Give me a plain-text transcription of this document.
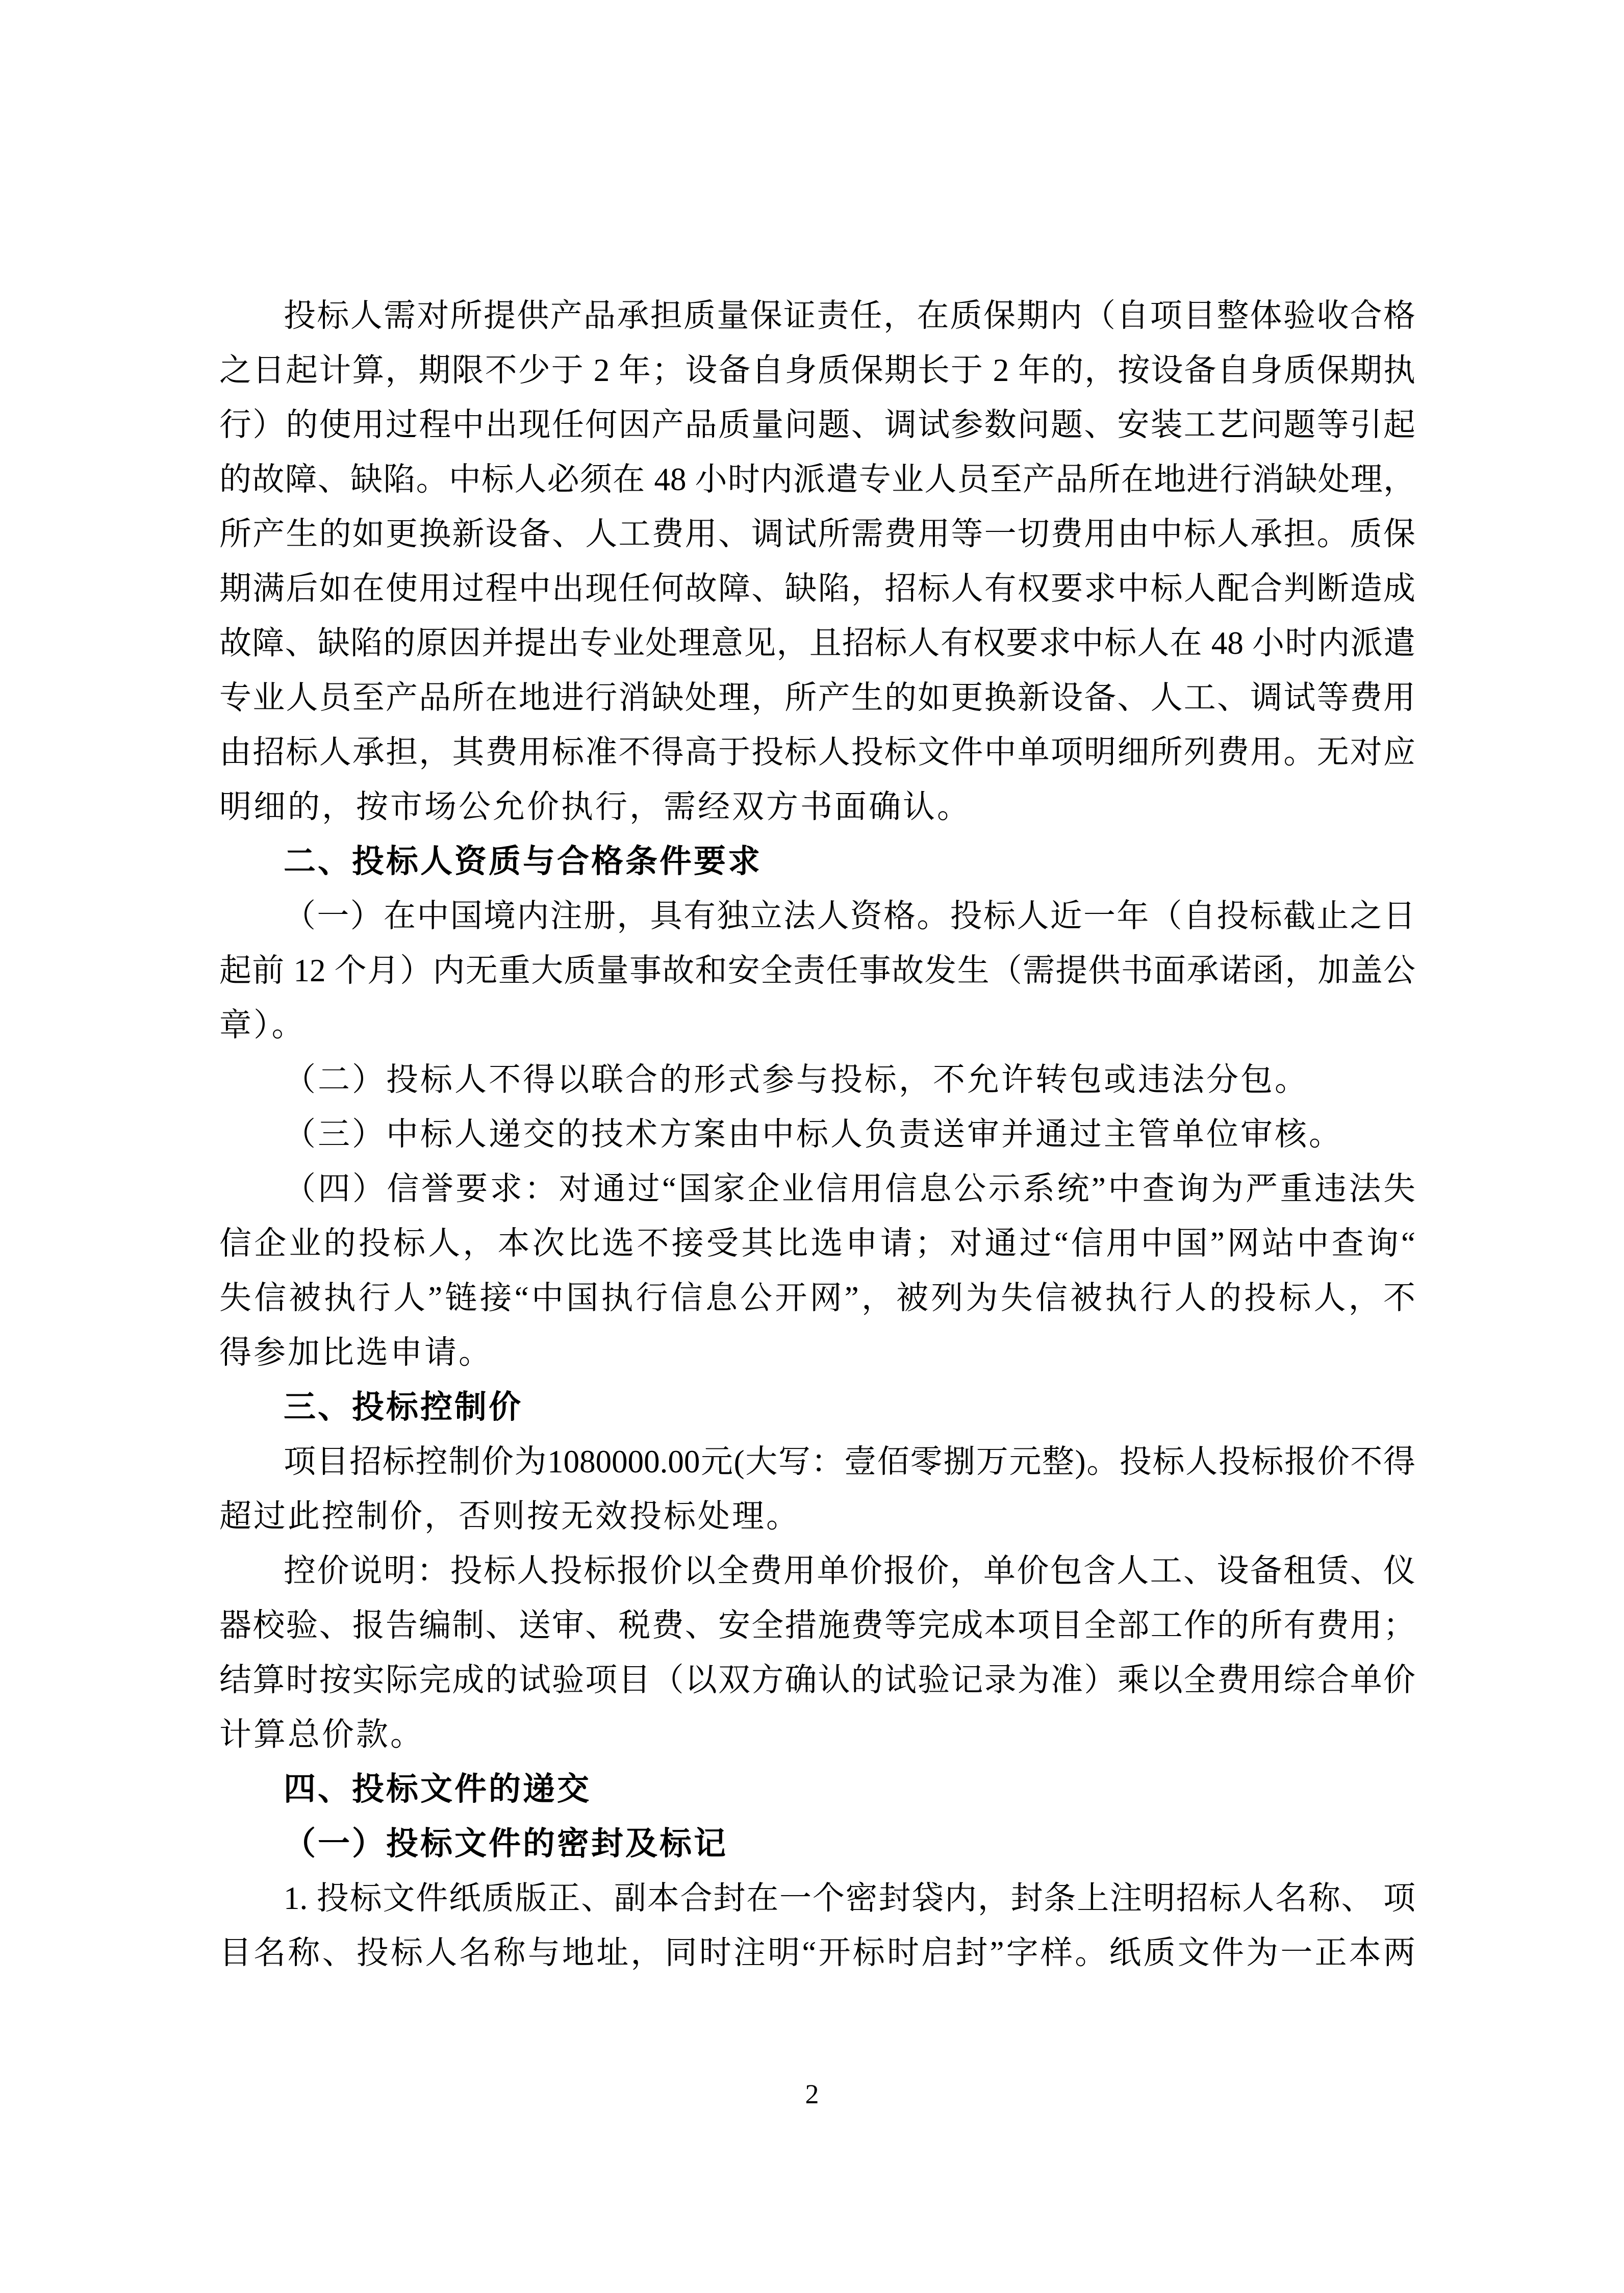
投标人需对所提供产品承担质量保证责任，在质保期内（自项目整体验收合格
之日起计算，期限不少于 2 年；设备自身质保期长于 2 年的，按设备自身质保期执
行）的使用过程中出现任何因产品质量问题、调试参数问题、安装工艺问题等引起
的故障、缺陷。中标人必须在 48 小时内派遣专业人员至产品所在地进行消缺处理，
所产生的如更换新设备、人工费用、调试所需费用等一切费用由中标人承担。质保
期满后如在使用过程中出现任何故障、缺陷，招标人有权要求中标人配合判断造成
故障、缺陷的原因并提出专业处理意见，且招标人有权要求中标人在 48 小时内派遣
专业人员至产品所在地进行消缺处理，所产生的如更换新设备、人工、调试等费用
由招标人承担，其费用标准不得高于投标人投标文件中单项明细所列费用。无对应
明细的，按市场公允价执行，需经双方书面确认。
二、投标人资质与合格条件要求
（一）在中国境内注册，具有独立法人资格。投标人近一年（自投标截止之日
起前 12 个月）内无重大质量事故和安全责任事故发生（需提供书面承诺函，加盖公
章）。
（二）投标人不得以联合的形式参与投标，不允许转包或违法分包。
（三）中标人递交的技术方案由中标人负责送审并通过主管单位审核。
（四）信誉要求：对通过“国家企业信用信息公示系统”中查询为严重违法失
信企业的投标人，本次比选不接受其比选申请；对通过“信用中国”网站中查询“
失信被执行人”链接“中国执行信息公开网”，被列为失信被执行人的投标人，不
得参加比选申请。
三、投标控制价
项目招标控制价为1080000.00元(大写：壹佰零捌万元整)。投标人投标报价不得
超过此控制价，否则按无效投标处理。
控价说明：投标人投标报价以全费用单价报价，单价包含人工、设备租赁、仪
器校验、报告编制、送审、税费、安全措施费等完成本项目全部工作的所有费用；
结算时按实际完成的试验项目（以双方确认的试验记录为准）乘以全费用综合单价
计算总价款。
四、投标文件的递交
（一）投标文件的密封及标记
1. 投标文件纸质版正、副本合封在一个密封袋内，封条上注明招标人名称、 项
目名称、投标人名称与地址，同时注明“开标时启封”字样。纸质文件为一正本两
2
